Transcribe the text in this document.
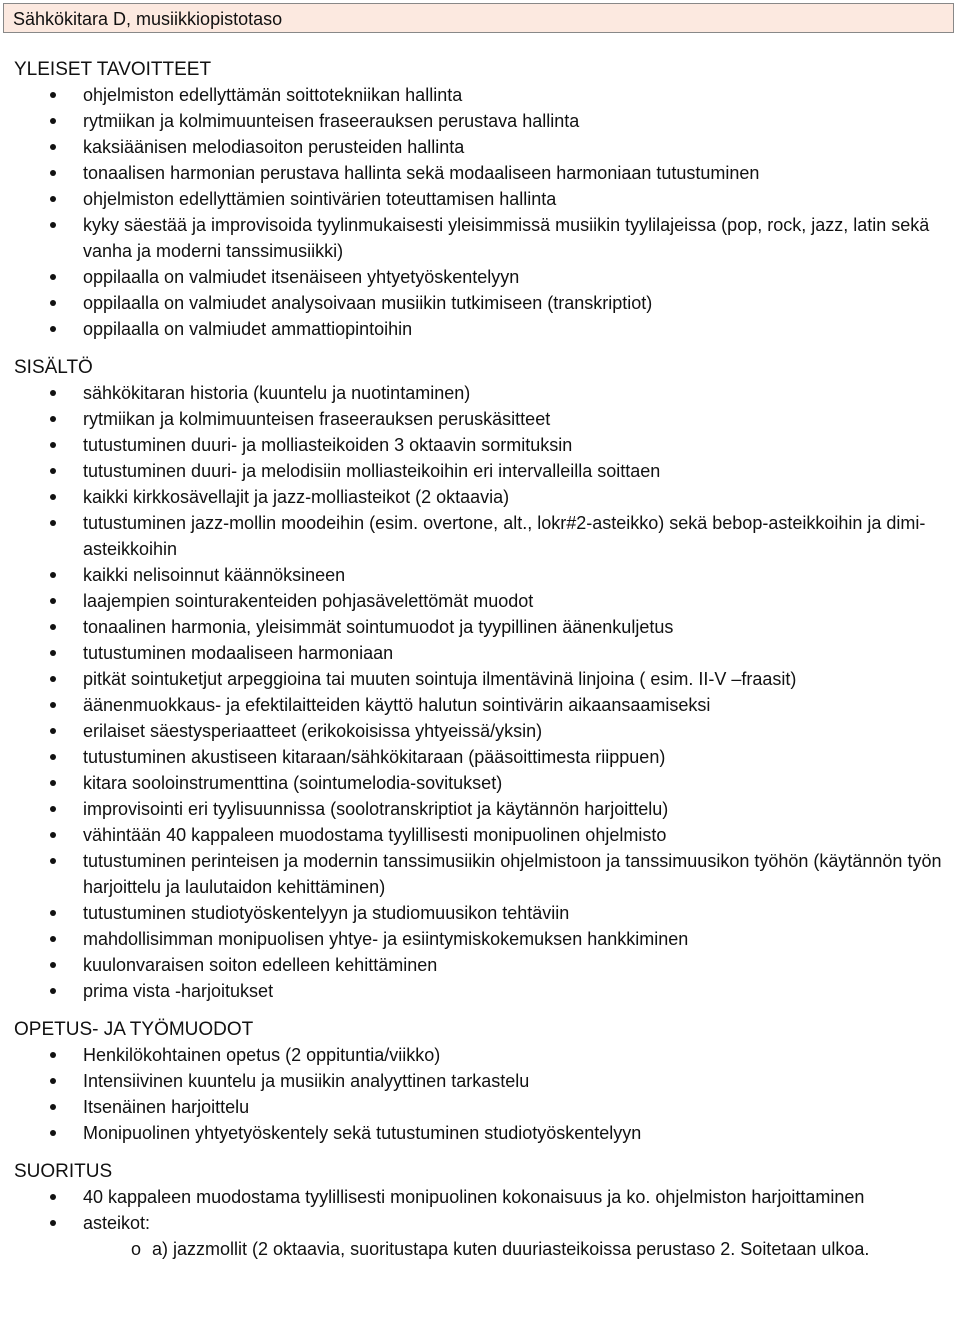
Sähkökitara D, musiikkiopistotaso
YLEISET TAVOITTEET
ohjelmiston edellyttämän soittotekniikan hallinta
rytmiikan ja kolmimuunteisen fraseerauksen perustava hallinta
kaksiäänisen melodiasoiton perusteiden hallinta
tonaalisen harmonian perustava hallinta sekä modaaliseen harmoniaan tutustuminen
ohjelmiston edellyttämien sointivärien toteuttamisen hallinta
kyky säestää ja improvisoida tyylinmukaisesti yleisimmissä musiikin tyylilajeissa (pop, rock, jazz, latin sekä vanha ja moderni tanssimusiikki)
oppilaalla on valmiudet itsenäiseen yhtyetyöskentelyyn
oppilaalla on valmiudet analysoivaan musiikin tutkimiseen (transkriptiot)
oppilaalla on valmiudet ammattiopintoihin
SISÄLTÖ
sähkökitaran historia (kuuntelu ja nuotintaminen)
rytmiikan ja kolmimuunteisen fraseerauksen peruskäsitteet
tutustuminen duuri- ja molliasteikoiden 3 oktaavin sormituksin
tutustuminen duuri- ja melodisiin molliasteikoihin eri intervalleilla soittaen
kaikki kirkkosävellajit ja jazz-molliasteikot (2 oktaavia)
tutustuminen jazz-mollin moodeihin (esim. overtone, alt., lokr#2-asteikko) sekä bebop-asteikkoihin ja dimi-asteikkoihin
kaikki nelisoinnut käännöksineen
laajempien sointurakenteiden pohjasävelettömät muodot
tonaalinen harmonia, yleisimmät sointumuodot ja tyypillinen äänenkuljetus
tutustuminen modaaliseen harmoniaan
pitkät sointuketjut arpeggioina tai muuten sointuja ilmentävinä linjoina ( esim. II-V –fraasit)
äänenmuokkaus- ja efektilaitteiden käyttö halutun sointivärin aikaansaamiseksi
erilaiset säestysperiaatteet (erikokoisissa yhtyeissä/yksin)
tutustuminen akustiseen kitaraan/sähkökitaraan (pääsoittimesta riippuen)
kitara sooloinstrumenttina (sointumelodia-sovitukset)
improvisointi eri tyylisuunnissa (soolotranskriptiot ja käytännön harjoittelu)
vähintään 40 kappaleen muodostama tyylillisesti monipuolinen ohjelmisto
tutustuminen perinteisen ja modernin tanssimusiikin ohjelmistoon ja tanssimuusikon työhön (käytännön työn harjoittelu ja laulutaidon kehittäminen)
tutustuminen studiotyöskentelyyn ja studiomuusikon tehtäviin
mahdollisimman monipuolisen yhtye- ja esiintymiskokemuksen hankkiminen
kuulonvaraisen soiton edelleen kehittäminen
prima vista -harjoitukset
OPETUS- JA TYÖMUODOT
Henkilökohtainen opetus (2 oppituntia/viikko)
Intensiivinen kuuntelu ja musiikin analyyttinen tarkastelu
Itsenäinen harjoittelu
Monipuolinen yhtyetyöskentely sekä tutustuminen studiotyöskentelyyn
SUORITUS
40 kappaleen muodostama tyylillisesti monipuolinen kokonaisuus ja ko. ohjelmiston harjoittaminen
asteikot:
o a) jazzmollit (2 oktaavia, suoritustapa kuten duuriasteikoissa perustaso 2. Soitetaan ulkoa.
